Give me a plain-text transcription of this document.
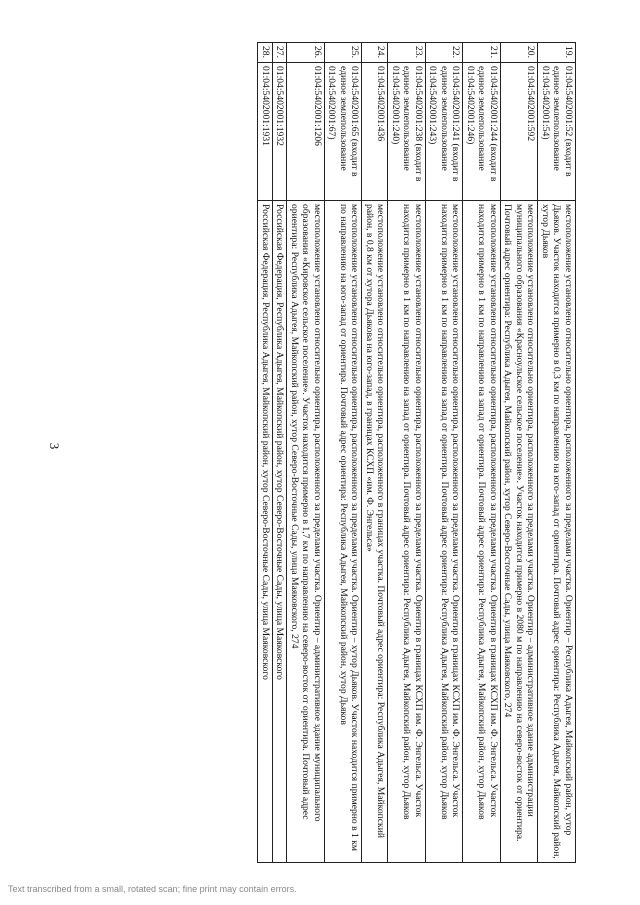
3
19.	01:04:5402001:52 (входит в единое землепользование 01:04:5402001:54)	местоположение установлено относительно ориентира, расположенного за пределами участка. Ориентир – Республика Адыгея, Майкопский район, хутор Дьяков. Участок находится примерно в 0,3 км по направлению на юго-запад от ориентира. Почтовый адрес ориентира: Республика Адыгея, Майкопский район, хутор Дьяков
20.	01:04:5402001:592	местоположение установлено относительно ориентира, расположенного за пределами участка. Ориентир – административное здание администрации муниципального образования «Красноульское сельское поселение». Участок находится примерно в 2080 м по направлению на северо-восток от ориентира. Почтовый адрес ориентира: Республика Адыгея, Майкопский район, хутор Северо-Восточные Сады, улица Маяковского, 274
21.	01:04:5402001:244 (входит в единое землепользование 01:04:5402001:246)	местоположение установлено относительно ориентира, расположенного за пределами участка. Ориентир в границах КСХП им. Ф. Энгельса. Участок находится примерно в 1 км по направлению на запад от ориентира. Почтовый адрес ориентира: Республика Адыгея, Майкопский район, хутор Дьяков
22.	01:04:5402001:241 (входит в единое землепользование 01:04:5402001:243)	местоположение установлено относительно ориентира, расположенного за пределами участка. Ориентир в границах КСХП им. Ф. Энгельса. Участок находится примерно в 1 км по направлению на запад от ориентира. Почтовый адрес ориентира: Республика Адыгея, Майкопский район, хутор Дьяков
23.	01:04:5402001:238 (входит в единое землепользование 01:04:5402001:240)	местоположение установлено относительно ориентира, расположенного за пределами участка. Ориентир в границах КСХП им. Ф. Энгельса. Участок находится примерно в 1 км по направлению на запад от ориентира. Почтовый адрес ориентира: Республика Адыгея, Майкопский район, хутор Дьяков
24.	01:04:5402001:436	местоположение установлено относительно ориентира, расположенного в границах участка. Почтовый адрес ориентира: Республика Адыгея, Майкопский район, в 0,8 км от хутора Дьякова на юго-запад, в границах КСХП «им. Ф. Энгельса»
25.	01:04:5402001:65 (входит в единое землепользование 01:04:5402001:67)	местоположение установлено относительно ориентира, расположенного за пределами участка. Ориентир – хутор Дьяков. Участок находится примерно в 1 км по направлению на юго-запад от ориентира. Почтовый адрес ориентира: Республика Адыгея, Майкопский район, хутор Дьяков
26.	01:04:5402001:1206	местоположение установлено относительно ориентира, расположенного за пределами участка. Ориентир – административное здание муниципального образования «Кировское сельское поселение». Участок находится примерно в 1,7 км по направлению на северо-восток от ориентира. Почтовый адрес ориентира: Республика Адыгея, Майкопский район, хутор Северо-Восточные Сады, улица Маяковского, 274
27.	01:04:5402001:1932	Российская Федерация, Республика Адыгея, Майкопский район, хутор Северо-Восточные Сады, улица Маяковского
28.	01:04:5402001:1931	Российская Федерация, Республика Адыгея, Майкопский район, хутор Северо-Восточные Сады, улица Маяковского
Text transcribed from a small, rotated scan; fine print may contain errors.
